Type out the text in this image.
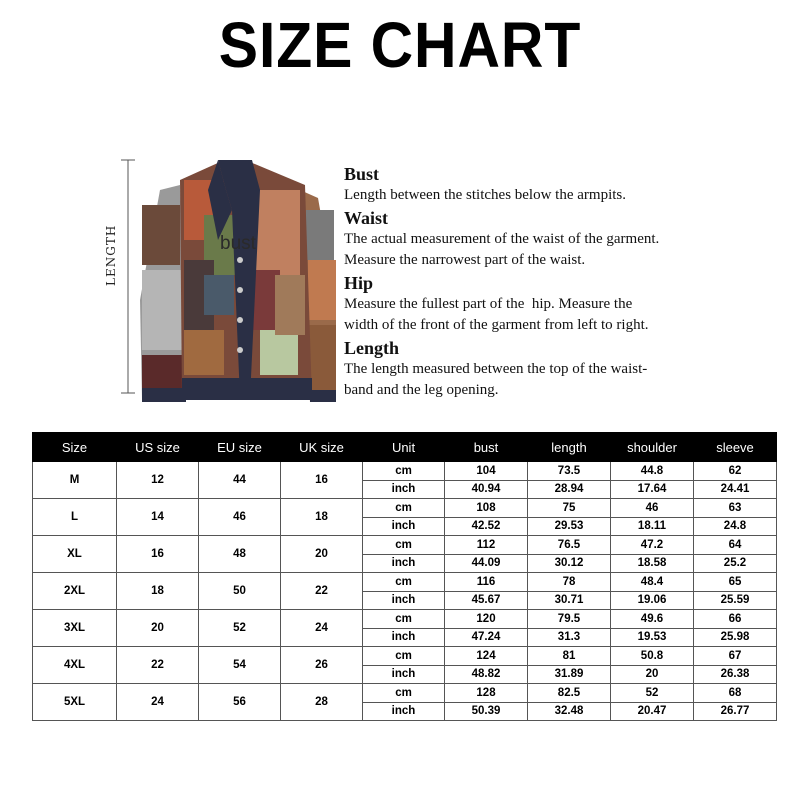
SIZE CHART
LENGTH	bust
Bust
Length between the stitches below the armpits.
Waist
The actual measurement of the waist of the garment.
Measure the narrowest part of the waist.
Hip
Measure the fullest part of the  hip. Measure the
width of the front of the garment from left to right.
Length
The length measured between the top of the waist-
band and the leg opening.
Size	US size	EU size	UK size	Unit	bust	length	shoulder	sleeve
M	12	44	16	cm	104	73.5	44.8	62
				inch	40.94	28.94	17.64	24.41
L	14	46	18	cm	108	75	46	63
				inch	42.52	29.53	18.11	24.8
XL	16	48	20	cm	112	76.5	47.2	64
				inch	44.09	30.12	18.58	25.2
2XL	18	50	22	cm	116	78	48.4	65
				inch	45.67	30.71	19.06	25.59
3XL	20	52	24	cm	120	79.5	49.6	66
				inch	47.24	31.3	19.53	25.98
4XL	22	54	26	cm	124	81	50.8	67
				inch	48.82	31.89	20	26.38
5XL	24	56	28	cm	128	82.5	52	68
				inch	50.39	32.48	20.47	26.77
